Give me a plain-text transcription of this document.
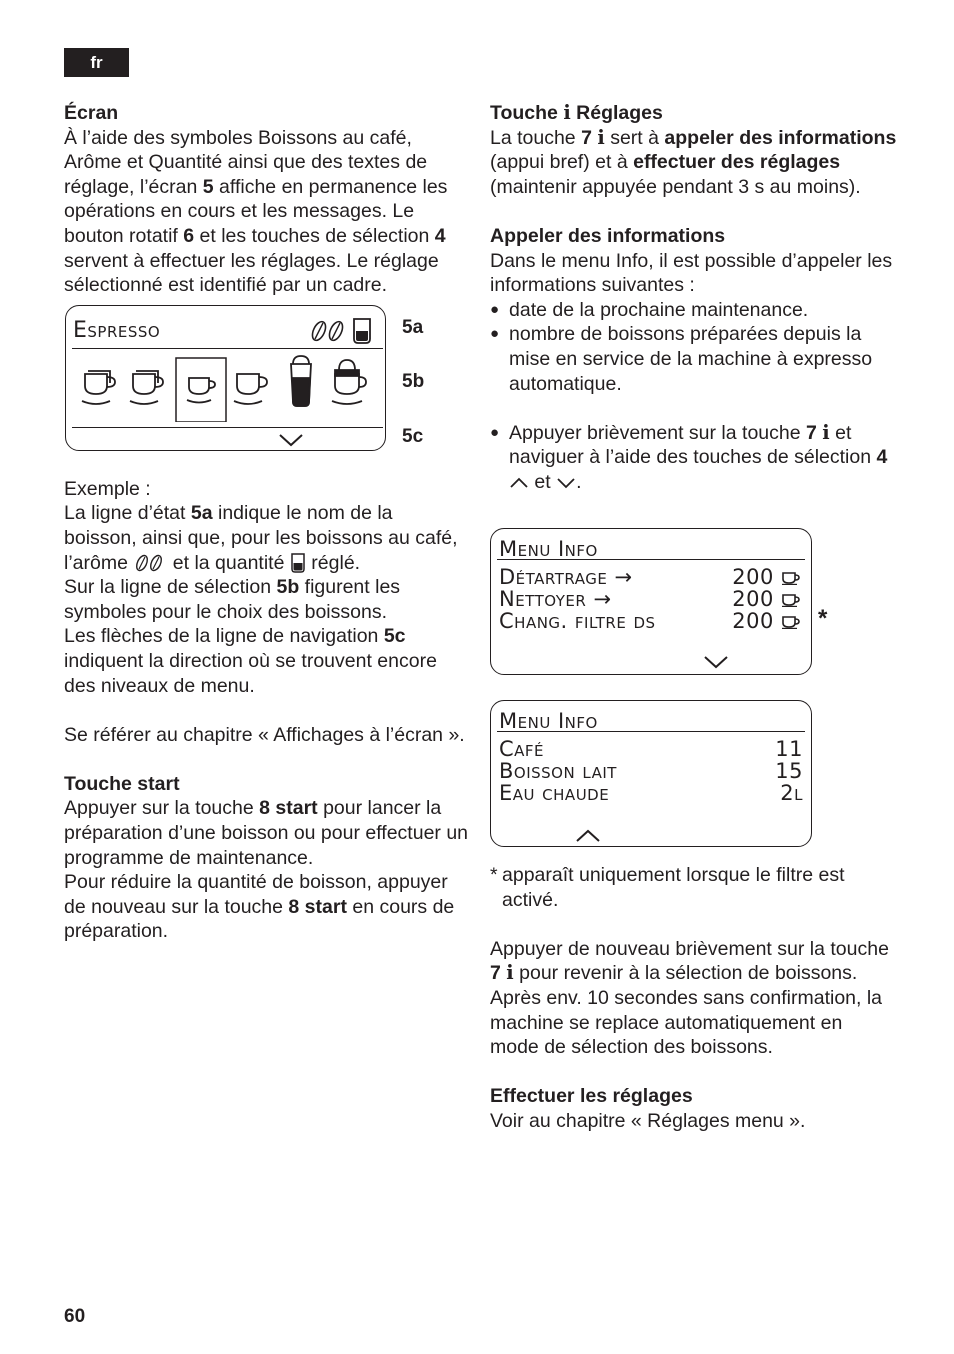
fr

Écran

À l’aide des symboles Boissons au café, Arôme et Quantité ainsi que des textes de réglage, l’écran 5 affiche en permanence les opérations en cours et les messages. Le bouton rotatif 6 et les touches de sélection 4 servent à effectuer les réglages. Le réglage sélectionné est identifié par un cadre.

Espresso	5a
5b
5c

Exemple :

La ligne d’état 5a indique le nom de la boisson, ainsi que, pour les boissons au café, l’arôme et la quantité réglé.
Sur la ligne de sélection 5b figurent les symboles pour le choix des boissons.
Les flèches de la ligne de navigation 5c indiquent la direction où se trouvent encore des niveaux de menu.

Se référer au chapitre « Affichages à l’écran ».

Touche start

Appuyer sur la touche 8 start pour lancer la préparation d’une boisson ou pour effectuer un programme de maintenance.
Pour réduire la quantité de boisson, appuyer de nouveau sur la touche 8 start en cours de préparation.

Touche i Réglages

La touche 7 i sert à appeler des informations (appui bref) et à effectuer des réglages (maintenir appuyée pendant 3 s au moins).

Appeler des informations

Dans le menu Info, il est possible d’appeler les informations suivantes :

● date de la prochaine maintenance.

● nombre de boissons préparées depuis la mise en service de la machine à expresso automatique.

● Appuyer brièvement sur la touche 7 i et naviguer à l’aide des touches de sélection 4  et .

Menu Info
Détartrage →	200
Nettoyer →	200
Chang. filtre ds	200	*
Menu Info
Café	11
Boisson lait	15
Eau chaude	2l

* apparaît uniquement lorsque le filtre est activé.

Appuyer de nouveau brièvement sur la touche 7 i pour revenir à la sélection de boissons. Après env. 10 secondes sans confirmation, la machine se replace automatiquement en mode de sélection des boissons.

Effectuer les réglages

Voir au chapitre « Réglages menu ».

60
